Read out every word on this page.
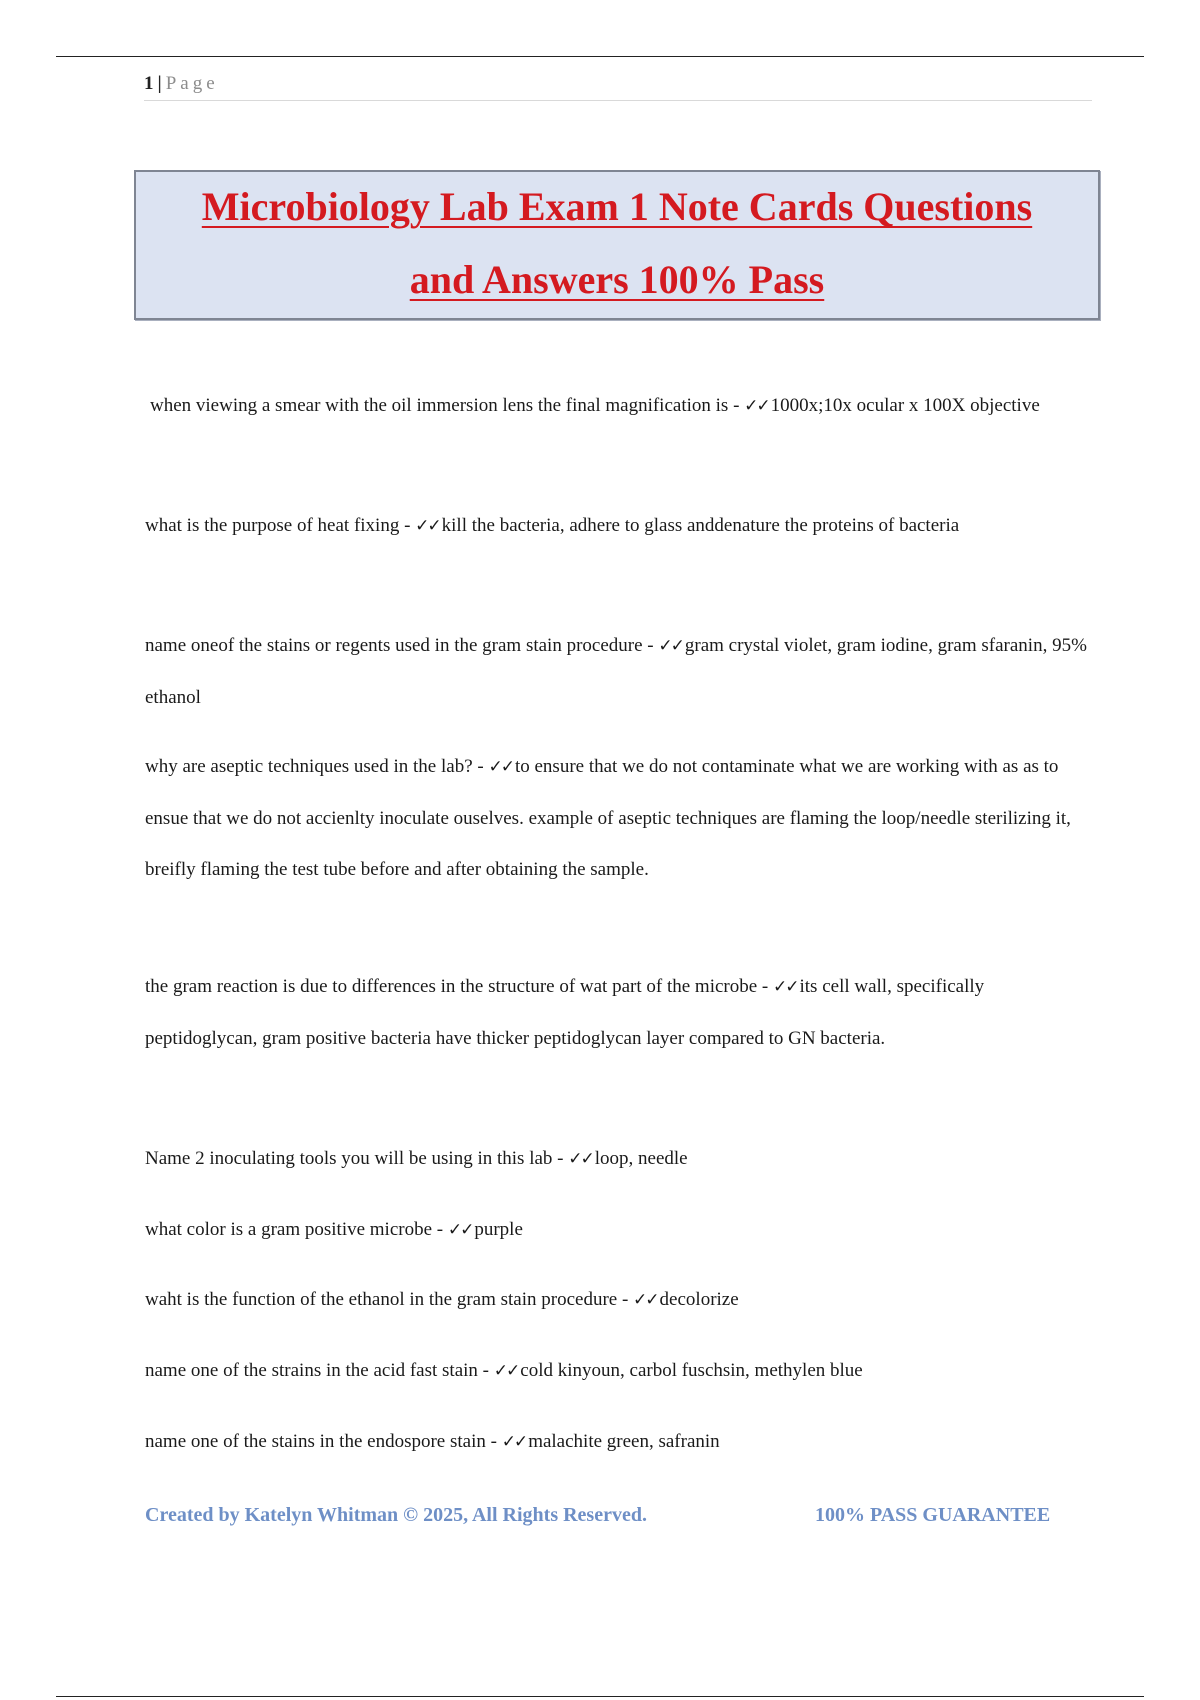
1 | Page
Microbiology Lab Exam 1 Note Cards Questions
and Answers 100% Pass

when viewing a smear with the oil immersion lens the final magnification is - ✓✓ 1000x;10x ocular x 100X objective

what is the purpose of heat fixing - ✓✓ kill the bacteria, adhere to glass anddenature the proteins of bacteria

name oneof the stains or regents used in the gram stain procedure - ✓✓ gram crystal violet, gram iodine, gram sfaranin, 95% ethanol

why are aseptic techniques used in the lab? - ✓✓ to ensure that we do not contaminate what we are working with as as to ensue that we do not accienlty inoculate ouselves. example of aseptic techniques are flaming the loop/needle sterilizing it, breifly flaming the test tube before and after obtaining the sample.

the gram reaction is due to differences in the structure of wat part of the microbe - ✓✓ its cell wall, specifically peptidoglycan, gram positive bacteria have thicker peptidoglycan layer compared to GN bacteria.

Name 2 inoculating tools you will be using in this lab - ✓✓ loop, needle

what color is a gram positive microbe - ✓✓ purple

waht is the function of the ethanol in the gram stain procedure - ✓✓ decolorize

name one of the strains in the acid fast stain - ✓✓ cold kinyoun, carbol fuschsin, methylen blue

name one of the stains in the endospore stain - ✓✓ malachite green, safranin

Created by Katelyn Whitman © 2025, All Rights Reserved.	100% PASS GUARANTEE
